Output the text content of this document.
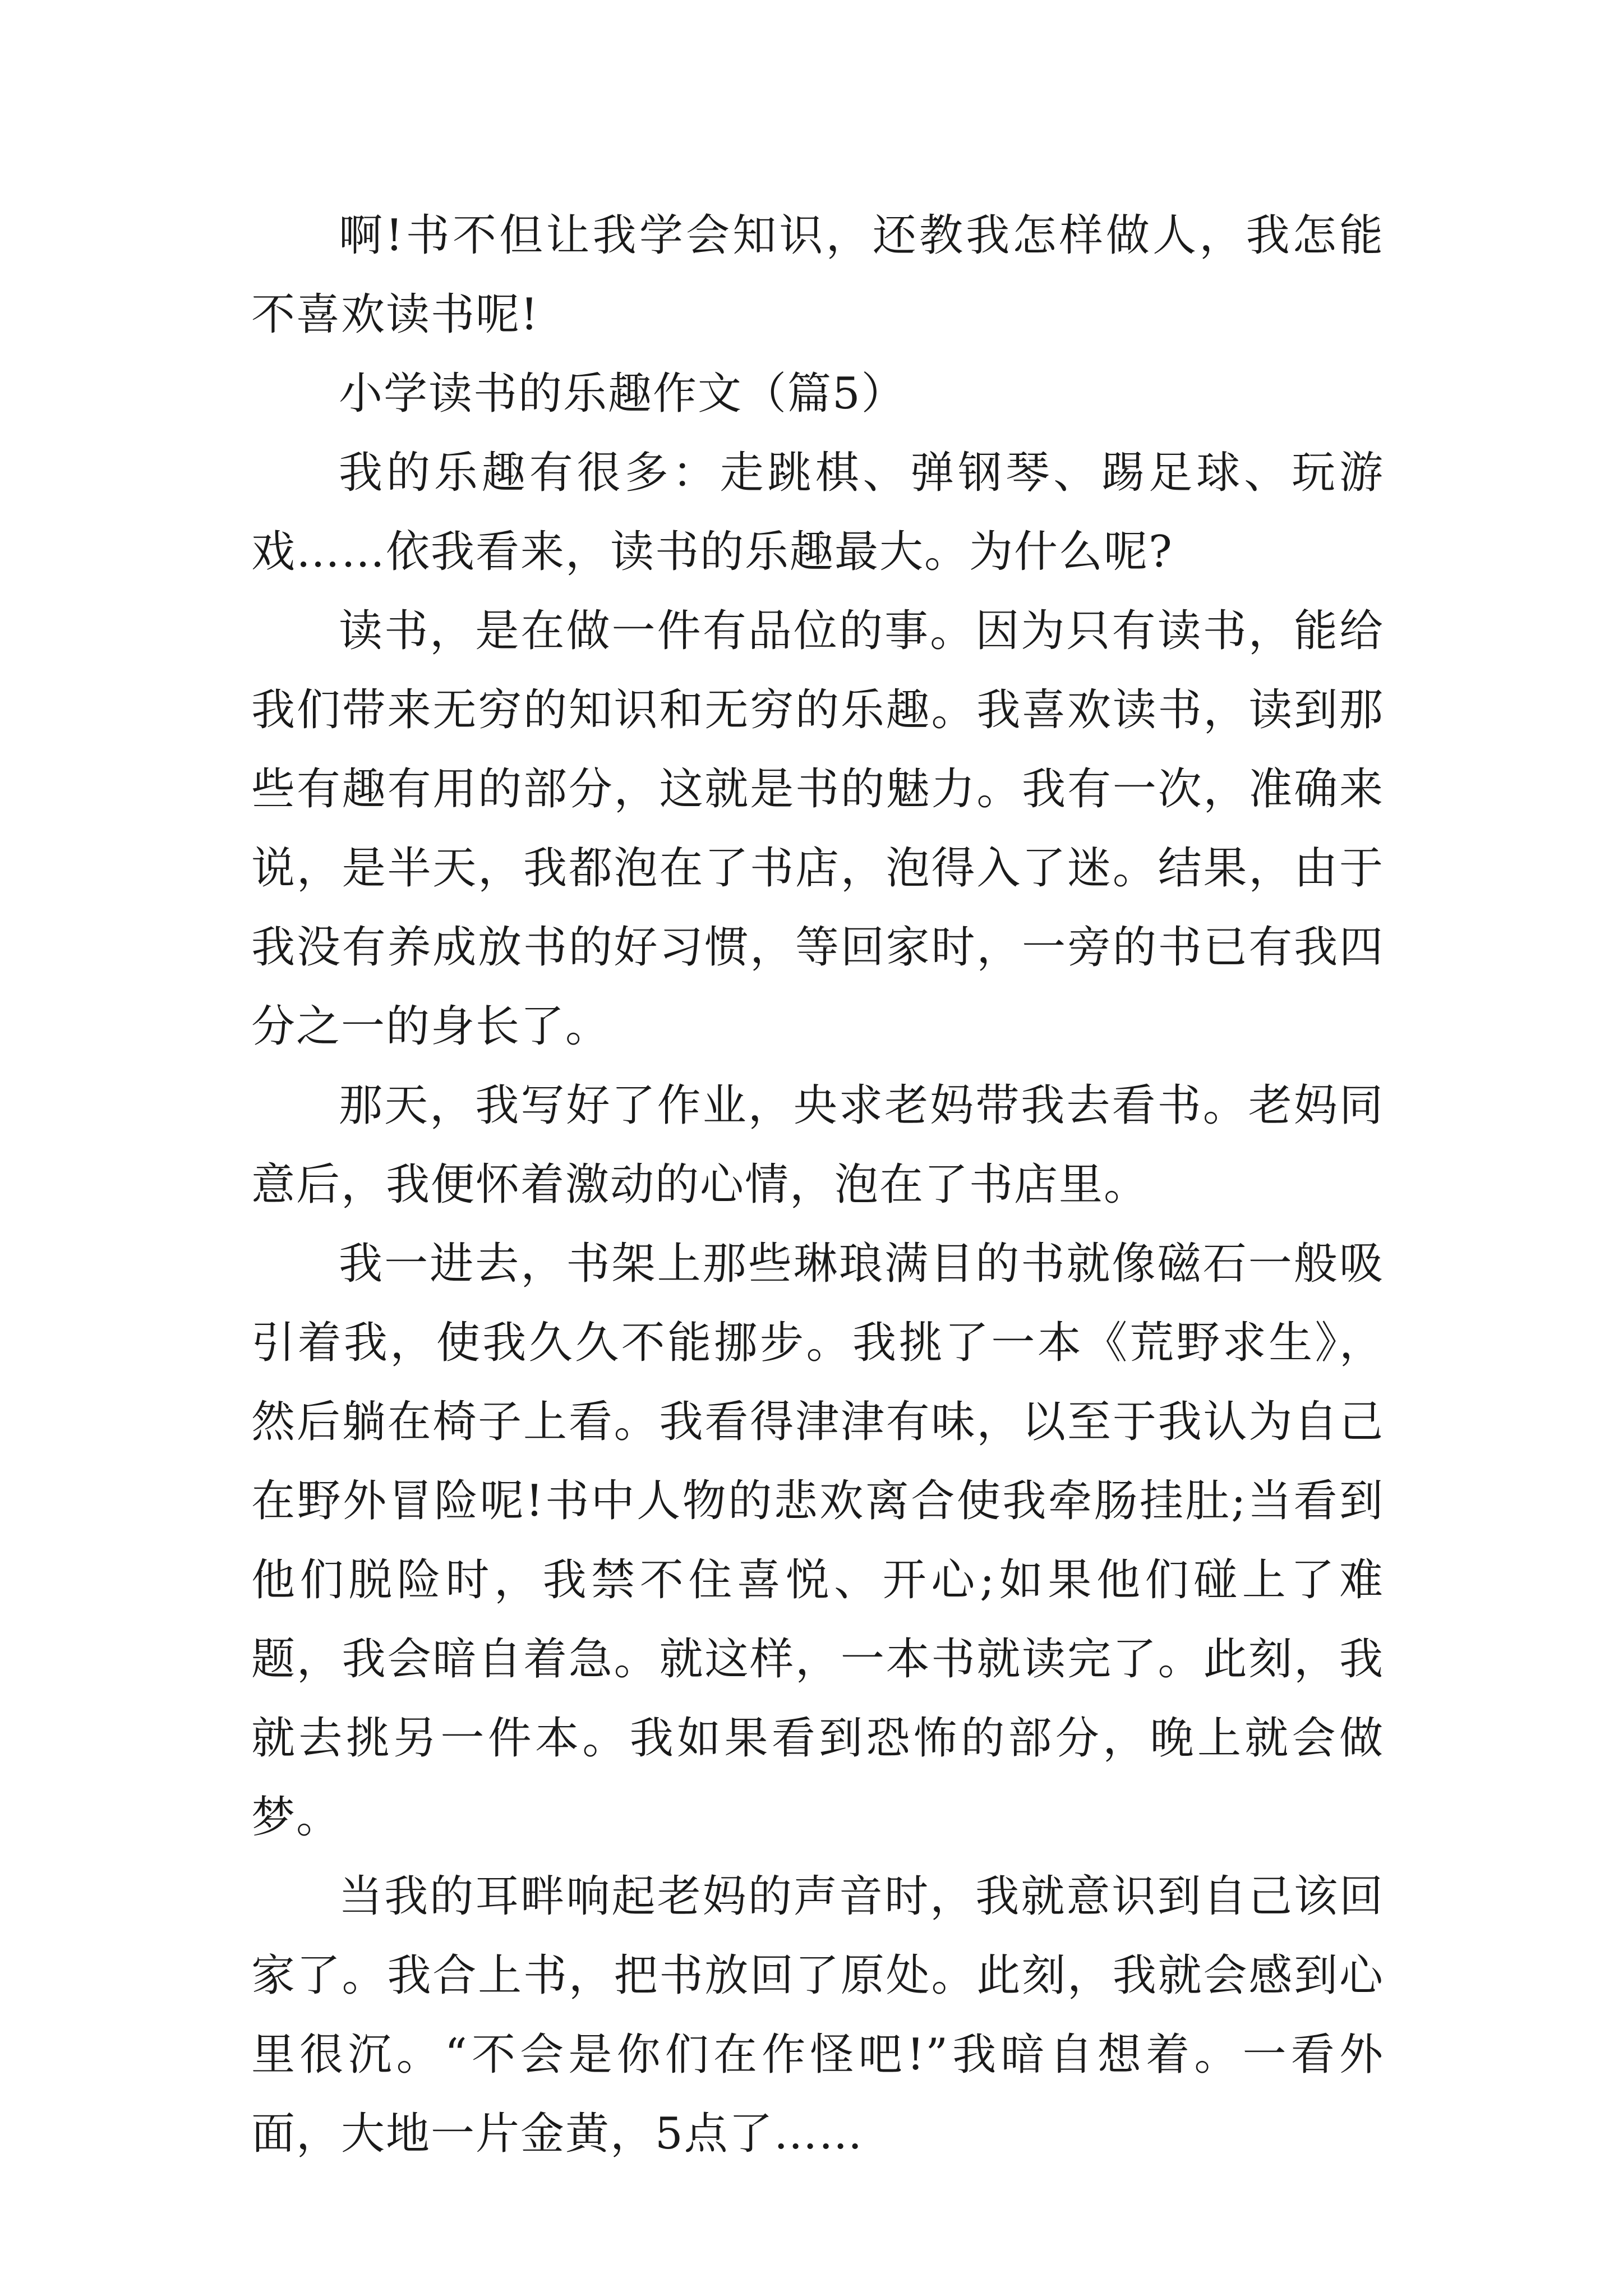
啊!书不但让我学会知识，还教我怎样做人，我怎能不喜欢读书呢!

小学读书的乐趣作文（篇5）

我的乐趣有很多：走跳棋、弹钢琴、踢足球、玩游戏……依我看来，读书的乐趣最大。为什么呢?

读书，是在做一件有品位的事。因为只有读书，能给我们带来无穷的知识和无穷的乐趣。我喜欢读书，读到那些有趣有用的部分，这就是书的魅力。我有一次，准确来说，是半天，我都泡在了书店，泡得入了迷。结果，由于我没有养成放书的好习惯，等回家时，一旁的书已有我四分之一的身长了。

那天，我写好了作业，央求老妈带我去看书。老妈同意后，我便怀着激动的心情，泡在了书店里。

我一进去，书架上那些琳琅满目的书就像磁石一般吸引着我，使我久久不能挪步。我挑了一本《荒野求生》，然后躺在椅子上看。我看得津津有味，以至于我认为自己在野外冒险呢!书中人物的悲欢离合使我牵肠挂肚;当看到他们脱险时，我禁不住喜悦、开心;如果他们碰上了难题，我会暗自着急。就这样，一本书就读完了。此刻，我就去挑另一件本。我如果看到恐怖的部分，晚上就会做梦。

当我的耳畔响起老妈的声音时，我就意识到自己该回家了。我合上书，把书放回了原处。此刻，我就会感到心里很沉。“不会是你们在作怪吧!”我暗自想着。一看外面，大地一片金黄，5点了……
